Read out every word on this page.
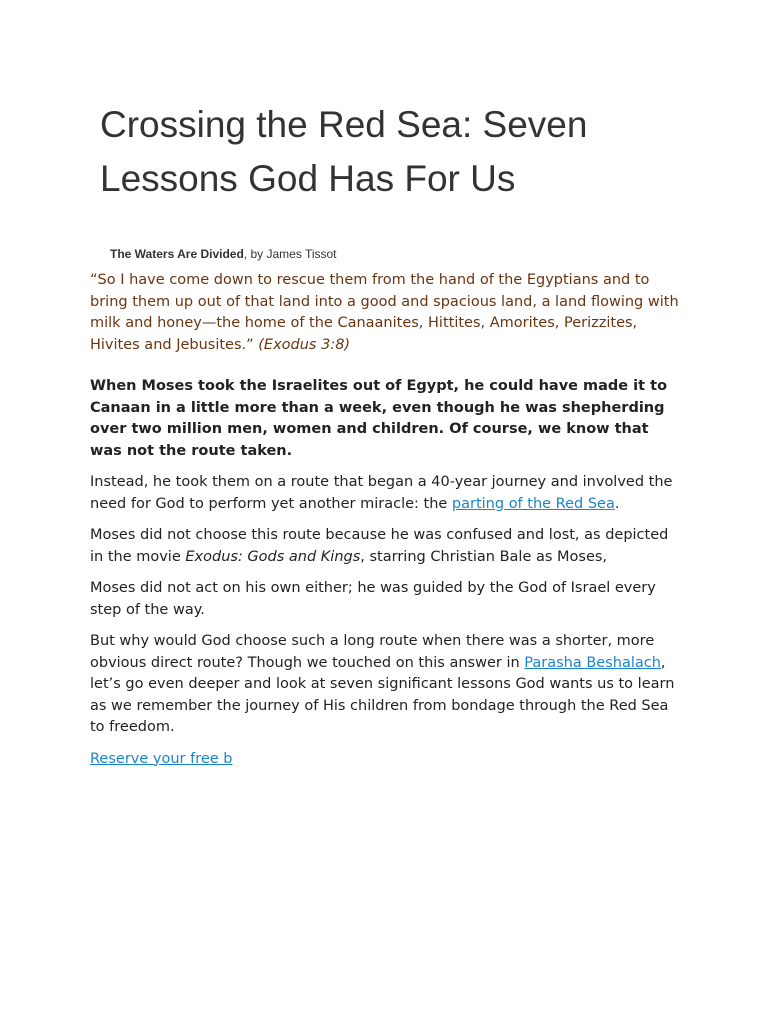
Crossing the Red Sea: Seven Lessons God Has For Us
The Waters Are Divided, by James Tissot

“So I have come down to rescue them from the hand of the Egyptians and to bring them up out of that land into a good and spacious land, a land flowing with milk and honey—the home of the Canaanites, Hittites, Amorites, Perizzites, Hivites and Jebusites.” (Exodus 3:8)

When Moses took the Israelites out of Egypt, he could have made it to Canaan in a little more than a week, even though he was shepherding over two million men, women and children. Of course, we know that was not the route taken.

Instead, he took them on a route that began a 40-year journey and involved the need for God to perform yet another miracle: the parting of the Red Sea.

Moses did not choose this route because he was confused and lost, as depicted in the movie Exodus: Gods and Kings, starring Christian Bale as Moses,

Moses did not act on his own either; he was guided by the God of Israel every step of the way.

But why would God choose such a long route when there was a shorter, more obvious direct route? Though we touched on this answer in Parasha Beshalach, let’s go even deeper and look at seven significant lessons God wants us to learn as we remember the journey of His children from bondage through the Red Sea to freedom.

Reserve your free b
